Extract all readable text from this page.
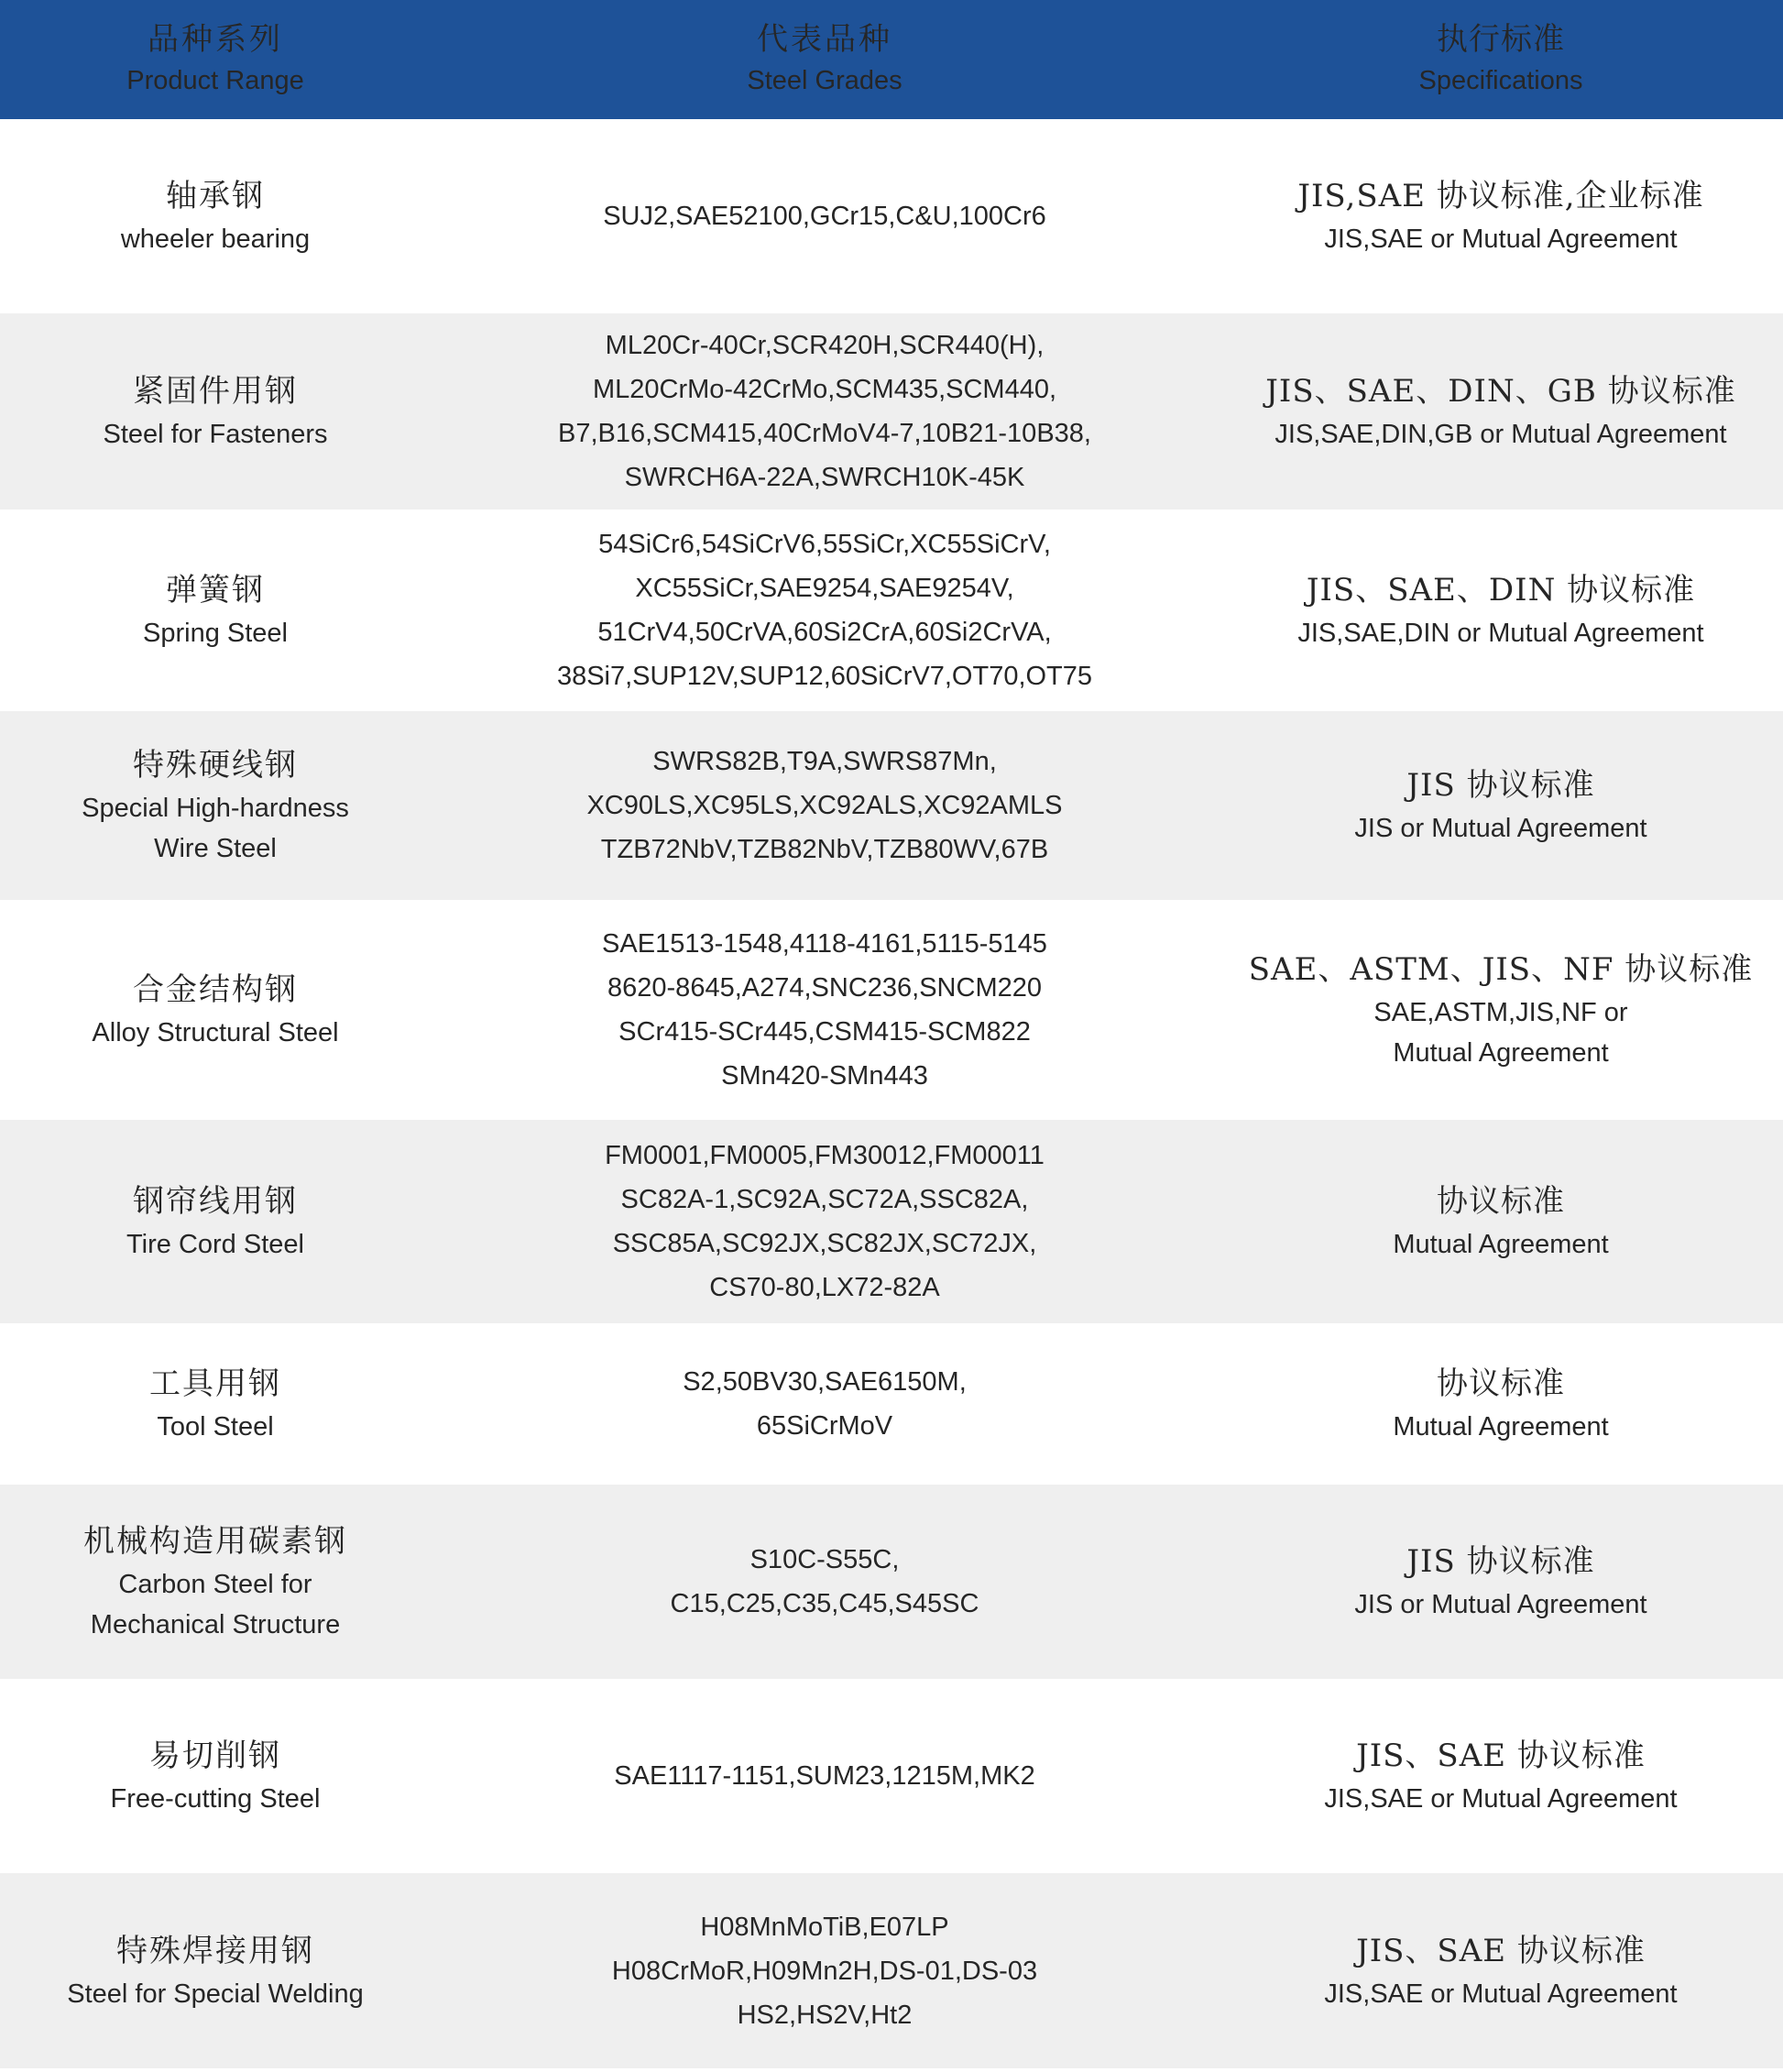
品种系列
Product Range
代表品种
Steel Grades
执行标准
Specifications
轴承钢
wheeler bearing
SUJ2,SAE52100,GCr15,C&U,100Cr6
JIS,SAE 协议标准,企业标准
JIS,SAE or Mutual Agreement
紧固件用钢
Steel for Fasteners
ML20Cr-40Cr,SCR420H,SCR440(H),
ML20CrMo-42CrMo,SCM435,SCM440,
B7,B16,SCM415,40CrMoV4-7,10B21-10B38,
SWRCH6A-22A,SWRCH10K-45K
JIS、SAE、DIN、GB 协议标准
JIS,SAE,DIN,GB or Mutual Agreement
弹簧钢
Spring Steel
54SiCr6,54SiCrV6,55SiCr,XC55SiCrV,
XC55SiCr,SAE9254,SAE9254V,
51CrV4,50CrVA,60Si2CrA,60Si2CrVA,
38Si7,SUP12V,SUP12,60SiCrV7,OT70,OT75
JIS、SAE、DIN 协议标准
JIS,SAE,DIN or Mutual Agreement
特殊硬线钢
Special High-hardness
Wire Steel
SWRS82B,T9A,SWRS87Mn,
XC90LS,XC95LS,XC92ALS,XC92AMLS
TZB72NbV,TZB82NbV,TZB80WV,67B
JIS 协议标准
JIS or Mutual Agreement
合金结构钢
Alloy Structural Steel
SAE1513-1548,4118-4161,5115-5145
8620-8645,A274,SNC236,SNCM220
SCr415-SCr445,CSM415-SCM822
SMn420-SMn443
SAE、ASTM、JIS、NF 协议标准
SAE,ASTM,JIS,NF or
Mutual Agreement
钢帘线用钢
Tire Cord Steel
FM0001,FM0005,FM30012,FM00011
SC82A-1,SC92A,SC72A,SSC82A,
SSC85A,SC92JX,SC82JX,SC72JX,
CS70-80,LX72-82A
协议标准
Mutual Agreement
工具用钢
Tool Steel
S2,50BV30,SAE6150M,
65SiCrMoV
协议标准
Mutual Agreement
机械构造用碳素钢
Carbon Steel for
Mechanical Structure
S10C-S55C,
C15,C25,C35,C45,S45SC
JIS 协议标准
JIS or Mutual Agreement
易切削钢
Free-cutting Steel
SAE1117-1151,SUM23,1215M,MK2
JIS、SAE 协议标准
JIS,SAE or Mutual Agreement
特殊焊接用钢
Steel for Special Welding
H08MnMoTiB,E07LP
H08CrMoR,H09Mn2H,DS-01,DS-03
HS2,HS2V,Ht2
JIS、SAE 协议标准
JIS,SAE or Mutual Agreement
